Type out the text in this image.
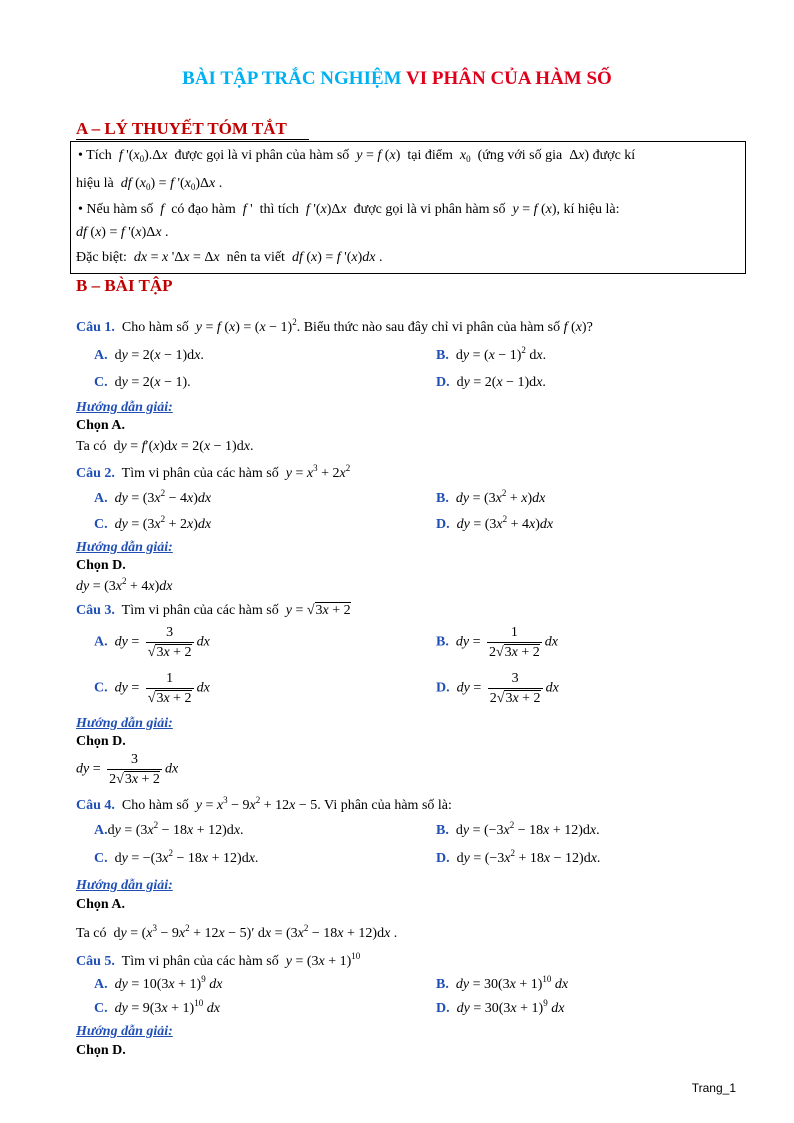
BÀI TẬP TRẮC NGHIỆM VI PHÂN CỦA HÀM SỐ
A – LÝ THUYẾT TÓM TẮT
• Tích f '$(x_0).\Delta x$ được gọi là vi phân của hàm số y = f (x)  tại điểm $x_0$ (ứng với số gia  Δx) được kí
hiệu là df $(x_0) = f$ '$(x_0)\Delta x$ .
• Nếu hàm số f có đạo hàm f '  thì tích f '(x)Δx được gọi là vi phân hàm số y = f (x), kí hiệu là:
df (x) = f '(x)Δx .
Đặc biệt: dx = x 'Δx = Δx nên ta viết df (x) = f '(x)dx .
B – BÀI TẬP
Câu 1. Cho hàm số y = f $(x) = (x - 1)^2$. Biểu thức nào sau đây chỉ vi phân của hàm số f (x)?
A.  dy = 2(x − 1)dx.	B.  dy = $(x - 1)^2$ dx.
C.  dy = 2(x − 1).	D.  dy = 2(x − 1)dx.
Hướng dẫn giải:
Chọn A.
Ta có  dy = f′(x)dx = 2(x − 1)dx.
Câu 2. Tìm vi phân của các hàm số $y = x^3 + 2x^2$
A. dy = $(3x^2 - 4x)dx$	B. dy = $(3x^2 + x)dx$
C. dy = $(3x^2 + 2x)dx$	D. dy = $(3x^2 + 4x)dx$
Hướng dẫn giải:
Chọn D.
dy = $(3x^2 + 4x)dx$
Câu 3. Tìm vi phân của các hàm số y = √3x + 2
A. dy = $\frac{3}{√3x + 2}$ dx	B. dy = $\frac{1}{2√3x + 2}$ dx
C. dy = $\frac{1}{√3x + 2}$ dx	D. dy = $\frac{3}{2√3x + 2}$ dx
Hướng dẫn giải:
Chọn D.
dy = $\frac{3}{2√3x + 2}$ dx
Câu 4. Cho hàm số $y = x^3 - 9x^2 + 12x - 5$. Vi phân của hàm số là:
$A.dy = (3x^2 - 18x + 12)dx$.	B.  dy = $(-3x^2 - 18x + 12)dx$.
C.  dy = $-(3x^2 - 18x + 12)dx$.	D.  dy = $(-3x^2 + 18x - 12)dx$.
Hướng dẫn giải:
Chọn A.
Ta có  dy = $(x^3 - 9x^2 + 12x - 5)'$ dx = $(3x^2 - 18x + 12)dx$ .
Câu 5. Tìm vi phân của các hàm số $y = (3x + 1)^{10}$
A. dy = $10(3x + 1)^9$ dx	B. dy = $30(3x + 1)^{10}$ dx
C. dy = $9(3x + 1)^{10}$ dx	D. dy = $30(3x + 1)^9$ dx
Hướng dẫn giải:
Chọn D.
Trang_1
